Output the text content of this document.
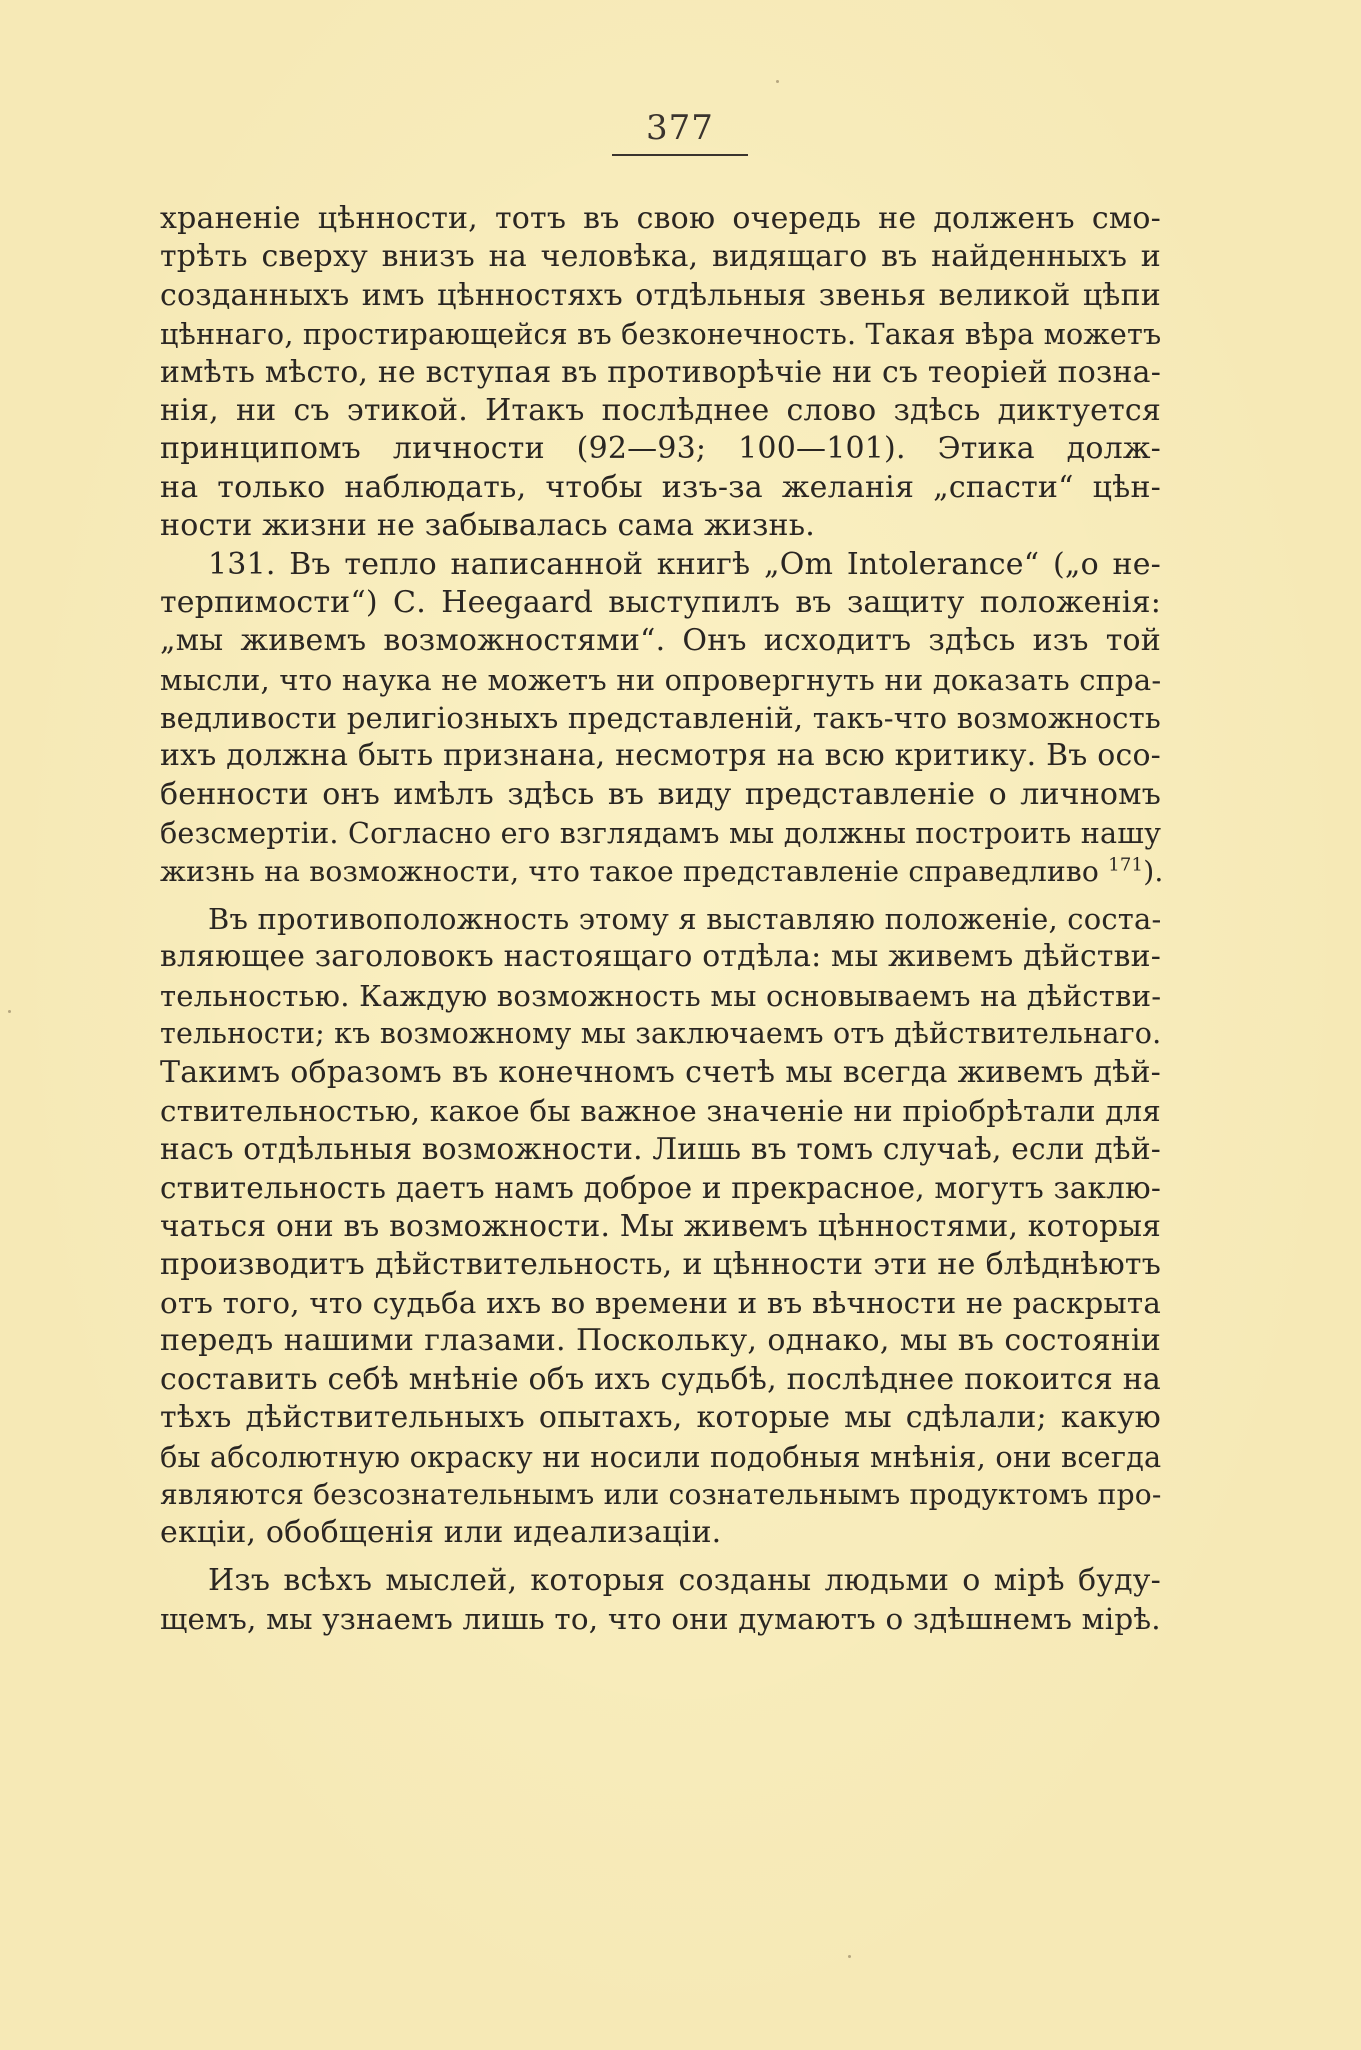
377
храненіе цѣнности, тотъ въ свою очередь не долженъ смо-
трѣть сверху внизъ на человѣка, видящаго въ найденныхъ и
созданныхъ имъ цѣнностяхъ отдѣльныя звенья великой цѣпи
цѣннаго, простирающейся въ безконечность. Такая вѣра можетъ
имѣть мѣсто, не вступая въ противорѣчіе ни съ теоріей позна-
нія, ни съ этикой. Итакъ послѣднее слово здѣсь диктуется
принципомъ личности (92—93; 100—101). Этика долж-
на только наблюдать, чтобы изъ-за желанія „спасти“ цѣн-
ности жизни не забывалась сама жизнь.
131. Въ тепло написанной книгѣ „Om Intolerance“ („о не-
терпимости“) С. Heegaard выступилъ въ защиту положенія:
„мы живемъ возможностями“. Онъ исходитъ здѣсь изъ той
мысли, что наука не можетъ ни опровергнуть ни доказать спра-
ведливости религіозныхъ представленій, такъ-что возможность
ихъ должна быть признана, несмотря на всю критику. Въ осо-
бенности онъ имѣлъ здѣсь въ виду представленіе о личномъ
безсмертіи. Согласно его взглядамъ мы должны построить нашу
жизнь на возможности, что такое представленіе справедливо $^{171}$).
Въ противоположность этому я выставляю положеніе, соста-
вляющее заголовокъ настоящаго отдѣла: мы живемъ дѣйстви-
тельностью. Каждую возможность мы основываемъ на дѣйстви-
тельности; къ возможному мы заключаемъ отъ дѣйствительнаго.
Такимъ образомъ въ конечномъ счетѣ мы всегда живемъ дѣй-
ствительностью, какое бы важное значеніе ни пріобрѣтали для
насъ отдѣльныя возможности. Лишь въ томъ случаѣ, если дѣй-
ствительность даетъ намъ доброе и прекрасное, могутъ заклю-
чаться они въ возможности. Мы живемъ цѣнностями, которыя
производитъ дѣйствительность, и цѣнности эти не блѣднѣютъ
отъ того, что судьба ихъ во времени и въ вѣчности не раскрыта
передъ нашими глазами. Поскольку, однако, мы въ состояніи
составить себѣ мнѣніе объ ихъ судьбѣ, послѣднее покоится на
тѣхъ дѣйствительныхъ опытахъ, которые мы сдѣлали; какую
бы абсолютную окраску ни носили подобныя мнѣнія, они всегда
являются безсознательнымъ или сознательнымъ продуктомъ про-
екціи, обобщенія или идеализаціи.
Изъ всѣхъ мыслей, которыя созданы людьми о мірѣ буду-
щемъ, мы узнаемъ лишь то, что они думаютъ о здѣшнемъ мірѣ.
